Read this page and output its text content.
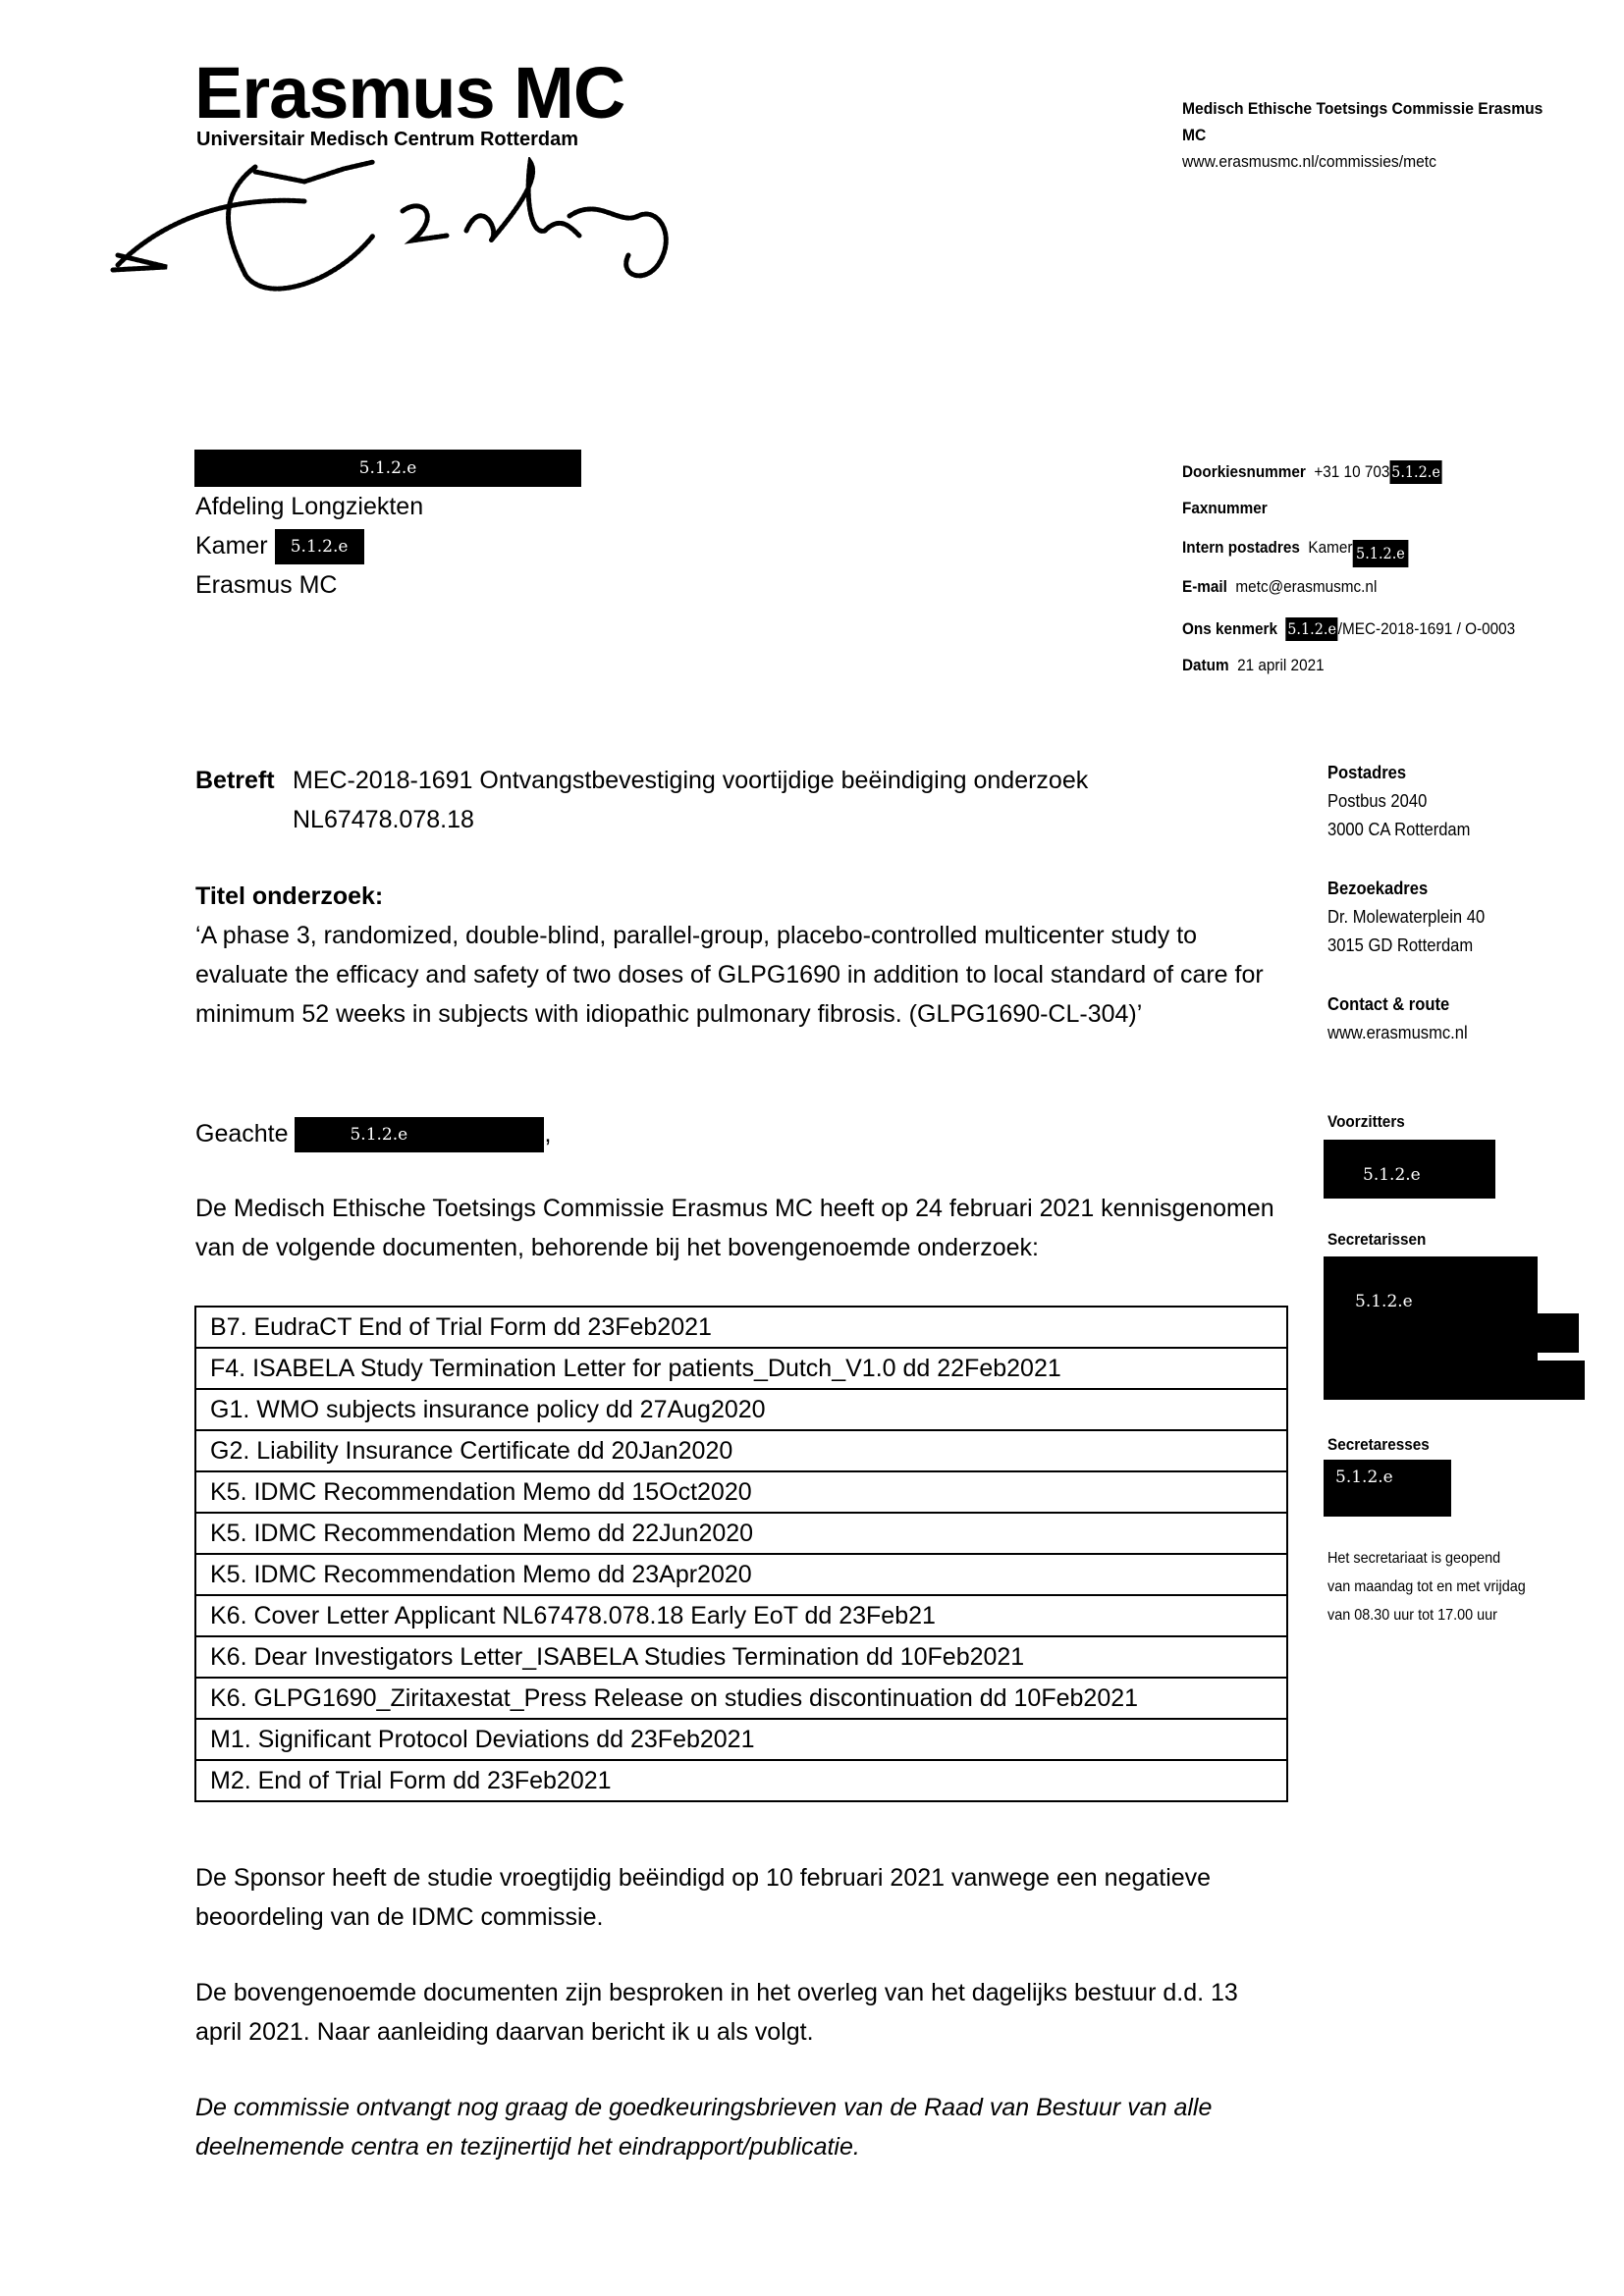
Erasmus MC
Universitair Medisch Centrum Rotterdam
Medisch Ethische Toetsings Commissie Erasmus
MC
www.erasmusmc.nl/commissies/metc
5.1.2.e
Afdeling Longziekten
Kamer 5.1.2.e
Erasmus MC
Doorkiesnummer +31 10 703 5.1.2.e
Faxnummer
Intern postadres Kamer 5.1.2.e
E-mail metc@erasmusmc.nl
Ons kenmerk 5.1.2.e /MEC-2018-1691 / O-0003
Datum 21 april 2021
Betreft MEC-2018-1691 Ontvangstbevestiging voortijdige beëindiging onderzoek
NL67478.078.18
Titel onderzoek:
‘A phase 3, randomized, double-blind, parallel-group, placebo-controlled multicenter study to evaluate the efficacy and safety of two doses of GLPG1690 in addition to local standard of care for minimum 52 weeks in subjects with idiopathic pulmonary fibrosis. (GLPG1690-CL-304)’
Geachte	5.1.2.e	,
De Medisch Ethische Toetsings Commissie Erasmus MC heeft op 24 februari 2021 kennisgenomen van de volgende documenten, behorende bij het bovengenoemde onderzoek:
B7. EudraCT End of Trial Form dd 23Feb2021
F4. ISABELA Study Termination Letter for patients_Dutch_V1.0 dd 22Feb2021
G1. WMO subjects insurance policy dd 27Aug2020
G2. Liability Insurance Certificate dd 20Jan2020
K5. IDMC Recommendation Memo dd 15Oct2020
K5. IDMC Recommendation Memo dd 22Jun2020
K5. IDMC Recommendation Memo dd 23Apr2020
K6. Cover Letter Applicant NL67478.078.18 Early EoT dd 23Feb21
K6. Dear Investigators Letter_ISABELA Studies Termination dd 10Feb2021
K6. GLPG1690_Ziritaxestat_Press Release on studies discontinuation dd 10Feb2021
M1. Significant Protocol Deviations dd 23Feb2021
M2. End of Trial Form dd 23Feb2021
De Sponsor heeft de studie vroegtijdig beëindigd op 10 februari 2021 vanwege een negatieve beoordeling van de IDMC commissie.
De bovengenoemde documenten zijn besproken in het overleg van het dagelijks bestuur d.d. 13 april 2021. Naar aanleiding daarvan bericht ik u als volgt.
De commissie ontvangt nog graag de goedkeuringsbrieven van de Raad van Bestuur van alle deelnemende centra en tezijnertijd het eindrapport/publicatie.
Postadres
Postbus 2040
3000 CA Rotterdam
Bezoekadres
Dr. Molewaterplein 40
3015 GD Rotterdam
Contact & route
www.erasmusmc.nl
Voorzitters
5.1.2.e
Secretarissen
5.1.2.e
Secretaresses
5.1.2.e
Het secretariaat is geopend
van maandag tot en met vrijdag
van 08.30 uur tot 17.00 uur
